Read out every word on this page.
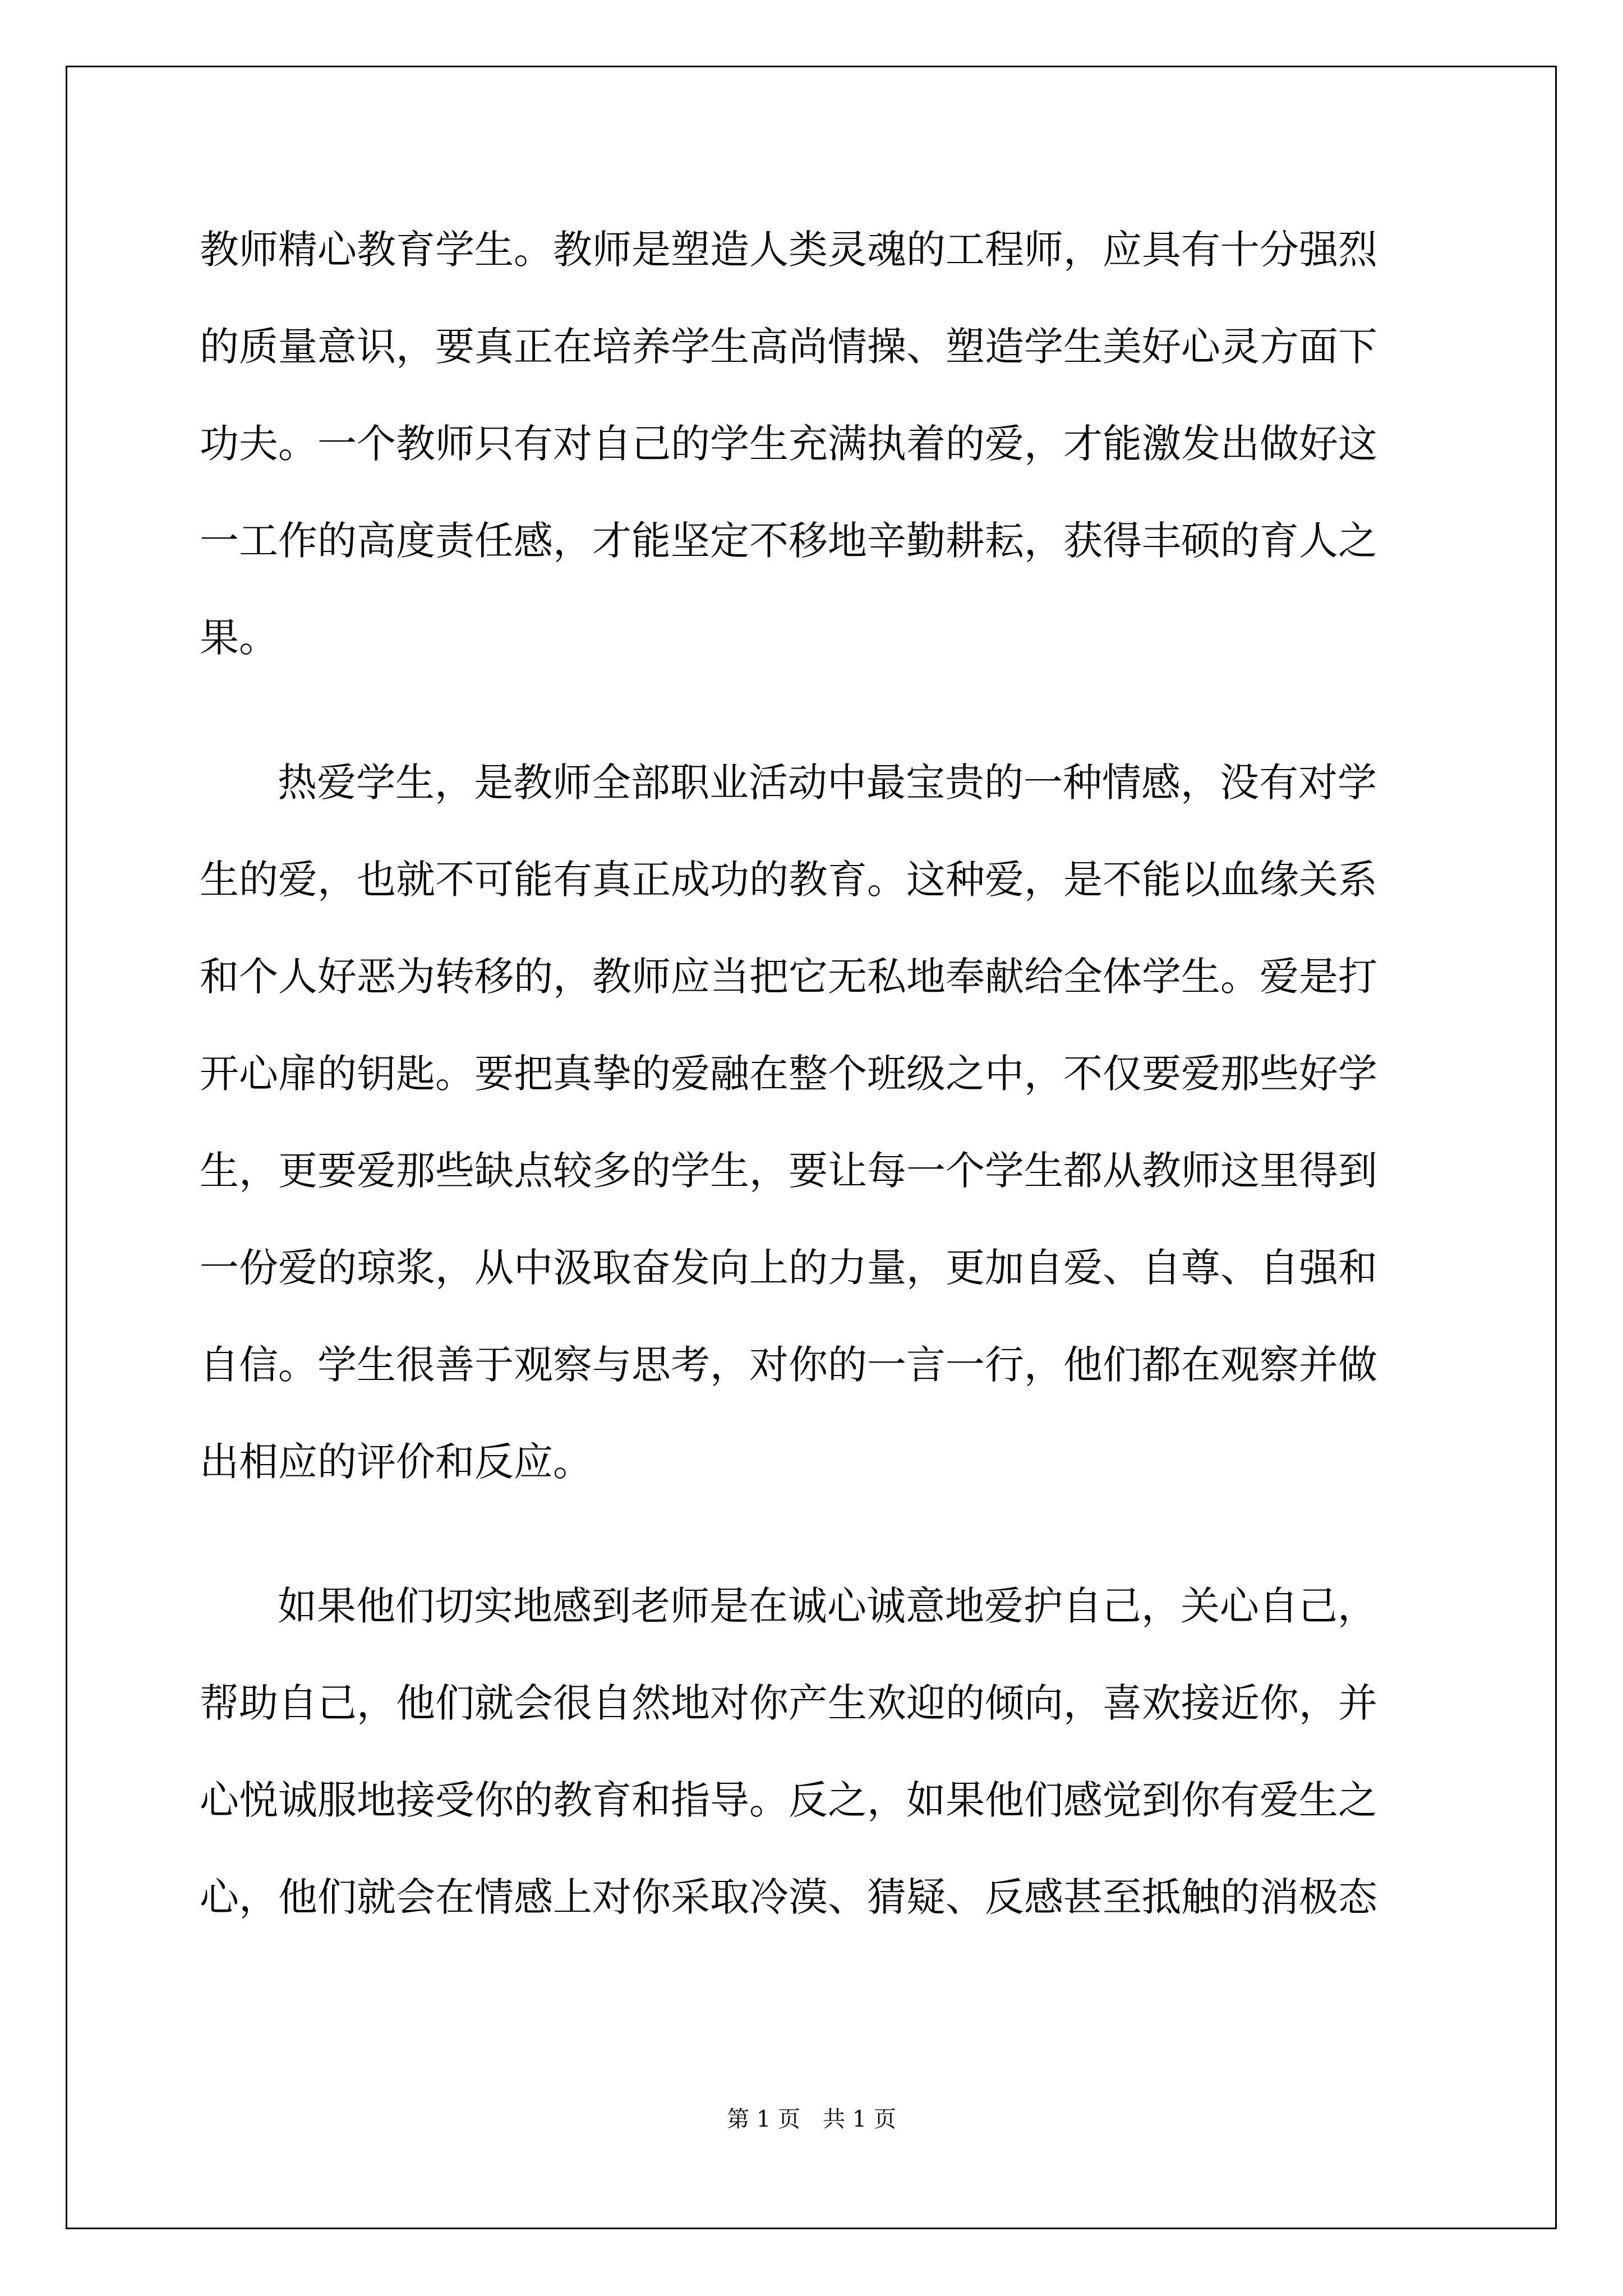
教师精心教育学生。教师是塑造人类灵魂的工程师，应具有十分强烈
的质量意识，要真正在培养学生高尚情操、塑造学生美好心灵方面下
功夫。一个教师只有对自己的学生充满执着的爱，才能激发出做好这
一工作的高度责任感，才能坚定不移地辛勤耕耘，获得丰硕的育人之
果。
热爱学生，是教师全部职业活动中最宝贵的一种情感，没有对学
生的爱，也就不可能有真正成功的教育。这种爱，是不能以血缘关系
和个人好恶为转移的，教师应当把它无私地奉献给全体学生。爱是打
开心扉的钥匙。要把真挚的爱融在整个班级之中，不仅要爱那些好学
生，更要爱那些缺点较多的学生，要让每一个学生都从教师这里得到
一份爱的琼浆，从中汲取奋发向上的力量，更加自爱、自尊、自强和
自信。学生很善于观察与思考，对你的一言一行，他们都在观察并做
出相应的评价和反应。
如果他们切实地感到老师是在诚心诚意地爱护自己，关心自己，
帮助自己，他们就会很自然地对你产生欢迎的倾向，喜欢接近你，并
心悦诚服地接受你的教育和指导。反之，如果他们感觉到你有爱生之
心，他们就会在情感上对你采取冷漠、猜疑、反感甚至抵触的消极态
第 1 页　共 1 页
